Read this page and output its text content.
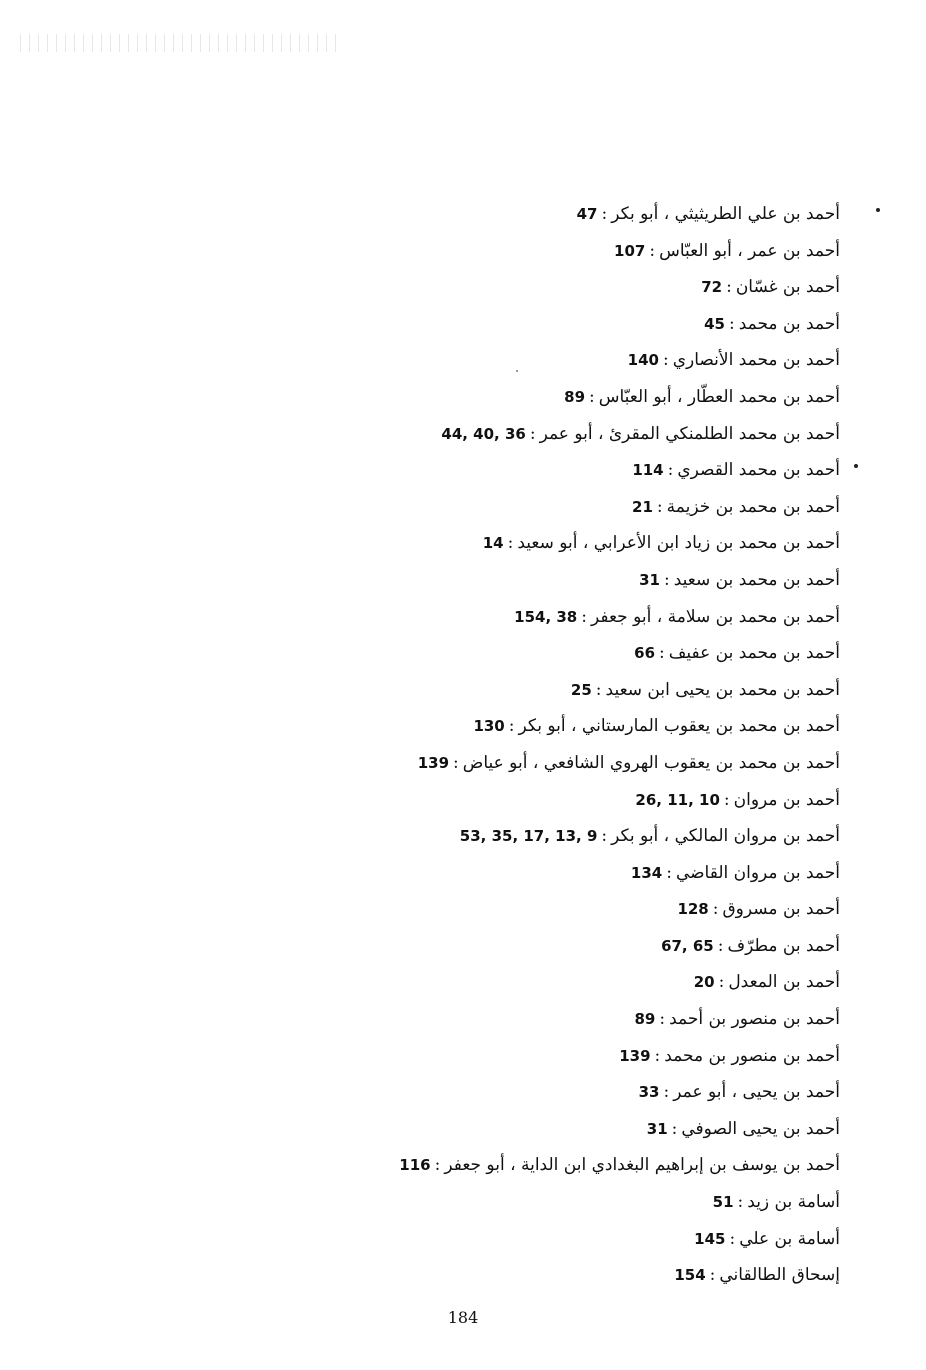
أحمد بن علي الطريثيثي ، أبو بكر:47
أحمد بن عمر ، أبو العبّاس:107
أحمد بن غسّان:72
أحمد بن محمد:45
أحمد بن محمد الأنصاري:140
أحمد بن محمد العطّار ، أبو العبّاس:89
أحمد بن محمد الطلمنكي المقرئ ، أبو عمر:44, 40, 36
أحمد بن محمد القصري:114
أحمد بن محمد بن خزيمة:21
أحمد بن محمد بن زياد ابن الأعرابي ، أبو سعيد:14
أحمد بن محمد بن سعيد:31
أحمد بن محمد بن سلامة ، أبو جعفر:154, 38
أحمد بن محمد بن عفيف:66
أحمد بن محمد بن يحيى ابن سعيد:25
أحمد بن محمد بن يعقوب المارستاني ، أبو بكر:130
أحمد بن محمد بن يعقوب الهروي الشافعي ، أبو عياض:139
أحمد بن مروان:26, 11, 10
أحمد بن مروان المالكي ، أبو بكر:53, 35, 17, 13, 9
أحمد بن مروان القاضي:134
أحمد بن مسروق:128
أحمد بن مطرّف:67, 65
أحمد بن المعدل:20
أحمد بن منصور بن أحمد:89
أحمد بن منصور بن محمد:139
أحمد بن يحيى ، أبو عمر:33
أحمد بن يحيى الصوفي:31
أحمد بن يوسف بن إبراهيم البغدادي ابن الداية ، أبو جعفر:116
أسامة بن زيد:51
أسامة بن علي:145
إسحاق الطالقاني:154
184
